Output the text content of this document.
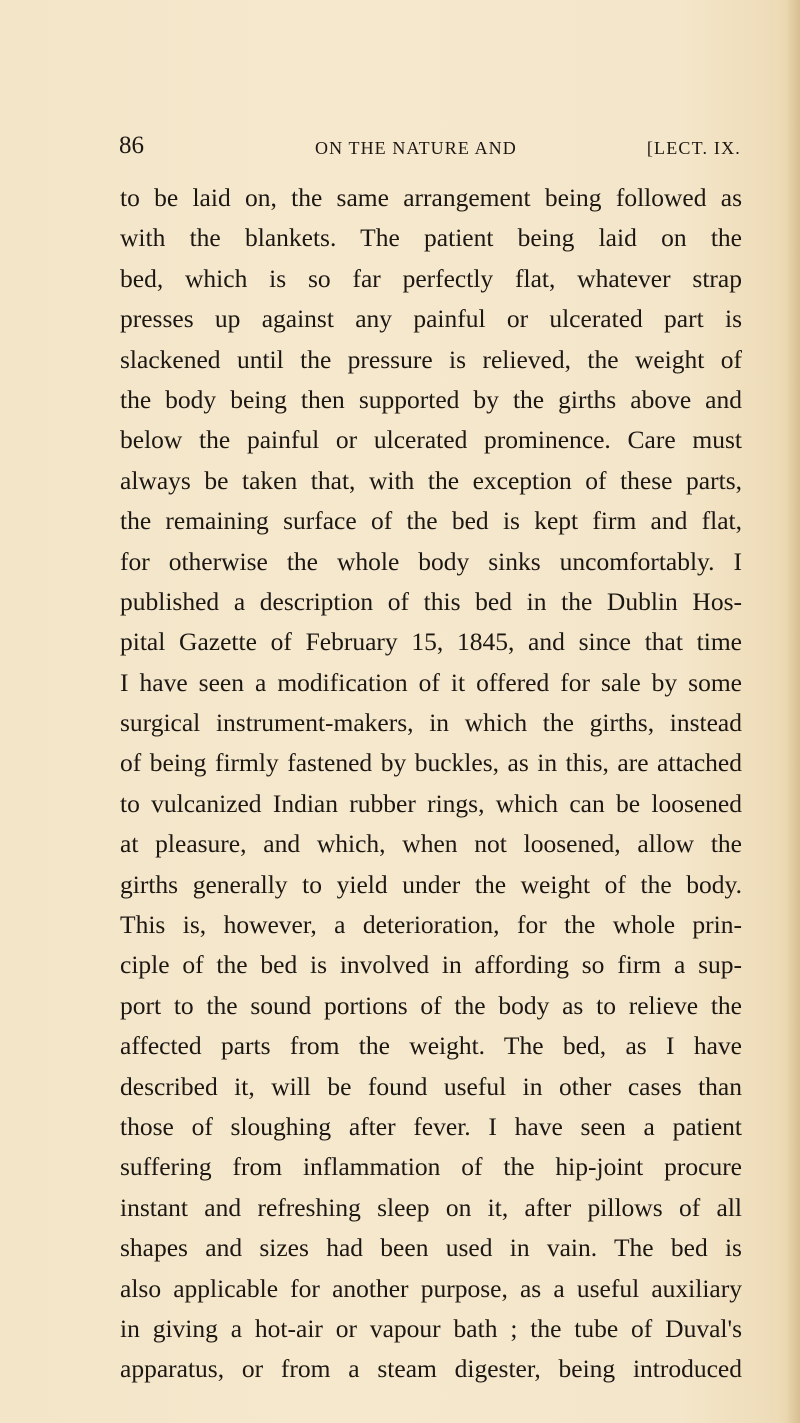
86	ON THE NATURE AND	[LECT. IX.
to be laid on, the same arrangement being followed as
with the blankets. The patient being laid on the
bed, which is so far perfectly flat, whatever strap
presses up against any painful or ulcerated part is
slackened until the pressure is relieved, the weight of
the body being then supported by the girths above and
below the painful or ulcerated prominence. Care must
always be taken that, with the exception of these parts,
the remaining surface of the bed is kept firm and flat,
for otherwise the whole body sinks uncomfortably. I
published a description of this bed in the Dublin Hos-
pital Gazette of February 15, 1845, and since that time
I have seen a modification of it offered for sale by some
surgical instrument-makers, in which the girths, instead
of being firmly fastened by buckles, as in this, are attached
to vulcanized Indian rubber rings, which can be loosened
at pleasure, and which, when not loosened, allow the
girths generally to yield under the weight of the body.
This is, however, a deterioration, for the whole prin-
ciple of the bed is involved in affording so firm a sup-
port to the sound portions of the body as to relieve the
affected parts from the weight. The bed, as I have
described it, will be found useful in other cases than
those of sloughing after fever. I have seen a patient
suffering from inflammation of the hip-joint procure
instant and refreshing sleep on it, after pillows of all
shapes and sizes had been used in vain. The bed is
also applicable for another purpose, as a useful auxiliary
in giving a hot-air or vapour bath ; the tube of Duval's
apparatus, or from a steam digester, being introduced
